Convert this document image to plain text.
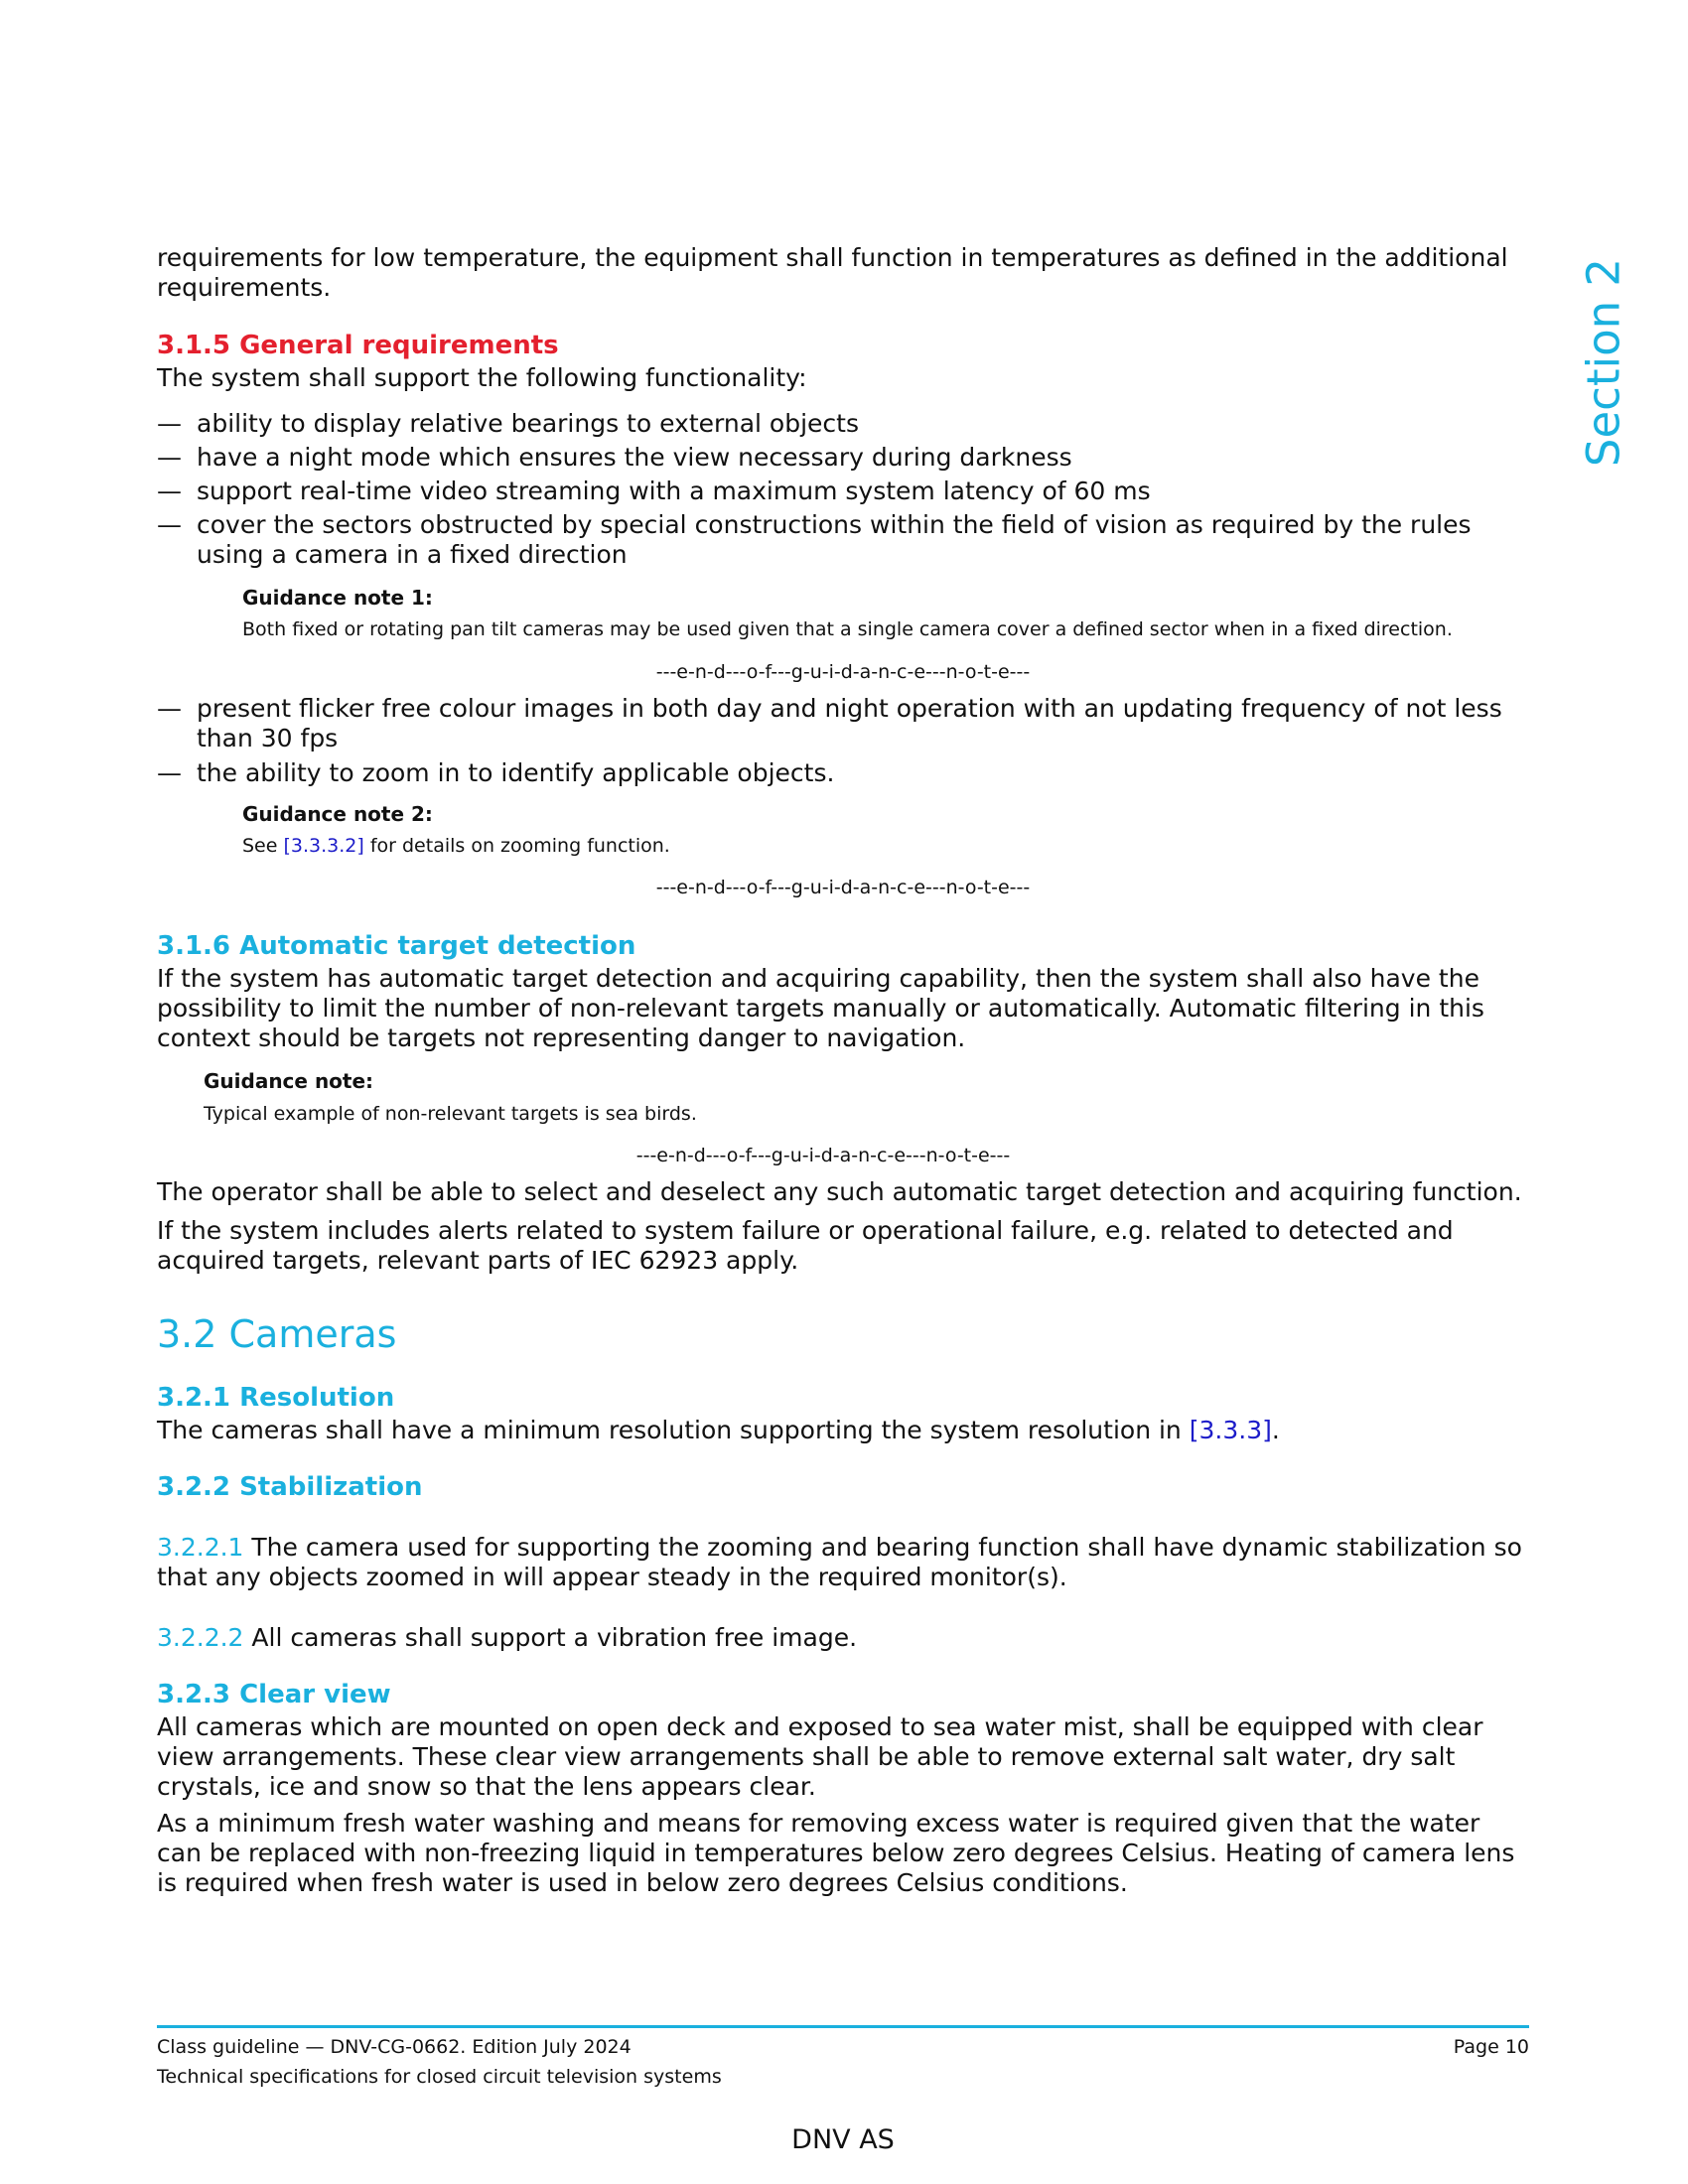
Section 2

requirements for low temperature, the equipment shall function in temperatures as defined in the additional requirements.

3.1.5 General requirements

The system shall support the following functionality:

— ability to display relative bearings to external objects
— have a night mode which ensures the view necessary during darkness
— support real-time video streaming with a maximum system latency of 60 ms
— cover the sectors obstructed by special constructions within the field of vision as required by the rules using a camera in a fixed direction
Guidance note 1:
Both fixed or rotating pan tilt cameras may be used given that a single camera cover a defined sector when in a fixed direction.
---e-n-d---o-f---g-u-i-d-a-n-c-e---n-o-t-e---
— present flicker free colour images in both day and night operation with an updating frequency of not less than 30 fps
— the ability to zoom in to identify applicable objects.
Guidance note 2:
See [3.3.3.2] for details on zooming function.
---e-n-d---o-f---g-u-i-d-a-n-c-e---n-o-t-e---
3.1.6 Automatic target detection

If the system has automatic target detection and acquiring capability, then the system shall also have the possibility to limit the number of non-relevant targets manually or automatically. Automatic filtering in this context should be targets not representing danger to navigation.

Guidance note:
Typical example of non-relevant targets is sea birds.
---e-n-d---o-f---g-u-i-d-a-n-c-e---n-o-t-e---

The operator shall be able to select and deselect any such automatic target detection and acquiring function.

If the system includes alerts related to system failure or operational failure, e.g. related to detected and acquired targets, relevant parts of IEC 62923 apply.

3.2 Cameras
3.2.1 Resolution

The cameras shall have a minimum resolution supporting the system resolution in [3.3.3].

3.2.2 Stabilization

3.2.2.1 The camera used for supporting the zooming and bearing function shall have dynamic stabilization so that any objects zoomed in will appear steady in the required monitor(s).

3.2.2.2 All cameras shall support a vibration free image.

3.2.3 Clear view

All cameras which are mounted on open deck and exposed to sea water mist, shall be equipped with clear view arrangements. These clear view arrangements shall be able to remove external salt water, dry salt crystals, ice and snow so that the lens appears clear.

As a minimum fresh water washing and means for removing excess water is required given that the water can be replaced with non-freezing liquid in temperatures below zero degrees Celsius. Heating of camera lens is required when fresh water is used in below zero degrees Celsius conditions.

Class guideline — DNV-CG-0662. Edition July 2024
Technical specifications for closed circuit television systems
Page 10
DNV AS
